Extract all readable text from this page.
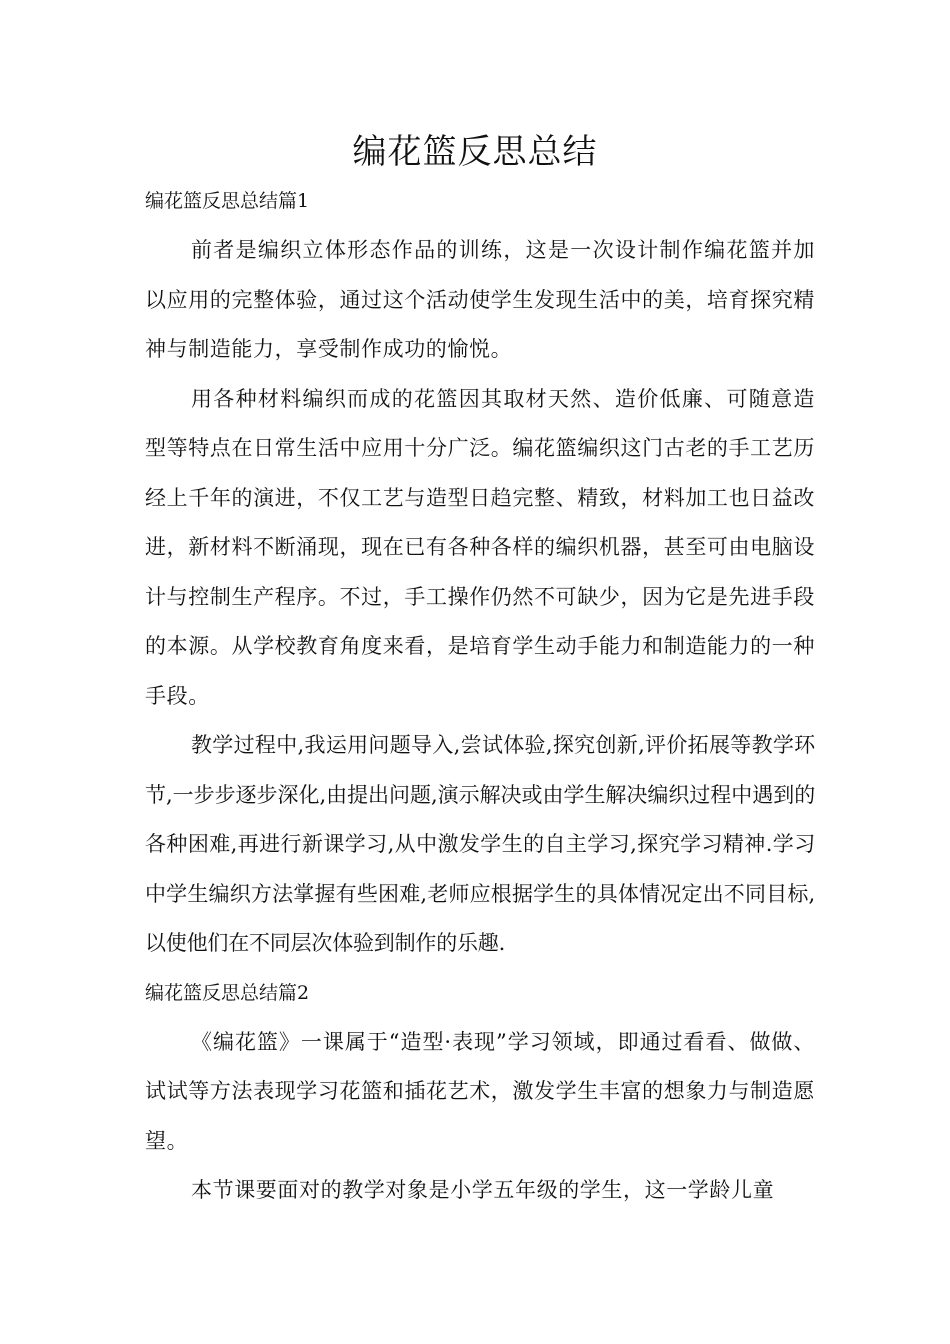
编花篮反思总结
编花篮反思总结篇1

前者是编织立体形态作品的训练，这是一次设计制作编花篮并加以应用的完整体验，通过这个活动使学生发现生活中的美，培育探究精神与制造能力，享受制作成功的愉悦。

用各种材料编织而成的花篮因其取材天然、造价低廉、可随意造型等特点在日常生活中应用十分广泛。编花篮编织这门古老的手工艺历经上千年的演进，不仅工艺与造型日趋完整、精致，材料加工也日益改进，新材料不断涌现，现在已有各种各样的编织机器，甚至可由电脑设计与控制生产程序。不过，手工操作仍然不可缺少，因为它是先进手段的本源。从学校教育角度来看，是培育学生动手能力和制造能力的一种手段。

教学过程中,我运用问题导入,尝试体验,探究创新,评价拓展等教学环节,一步步逐步深化,由提出问题,演示解决或由学生解决编织过程中遇到的各种困难,再进行新课学习,从中激发学生的自主学习,探究学习精神.学习中学生编织方法掌握有些困难,老师应根据学生的具体情况定出不同目标,以使他们在不同层次体验到制作的乐趣.

编花篮反思总结篇2

《编花篮》一课属于“造型·表现”学习领域，即通过看看、做做、试试等方法表现学习花篮和插花艺术，激发学生丰富的想象力与制造愿望。

本节课要面对的教学对象是小学五年级的学生，这一学龄儿童
